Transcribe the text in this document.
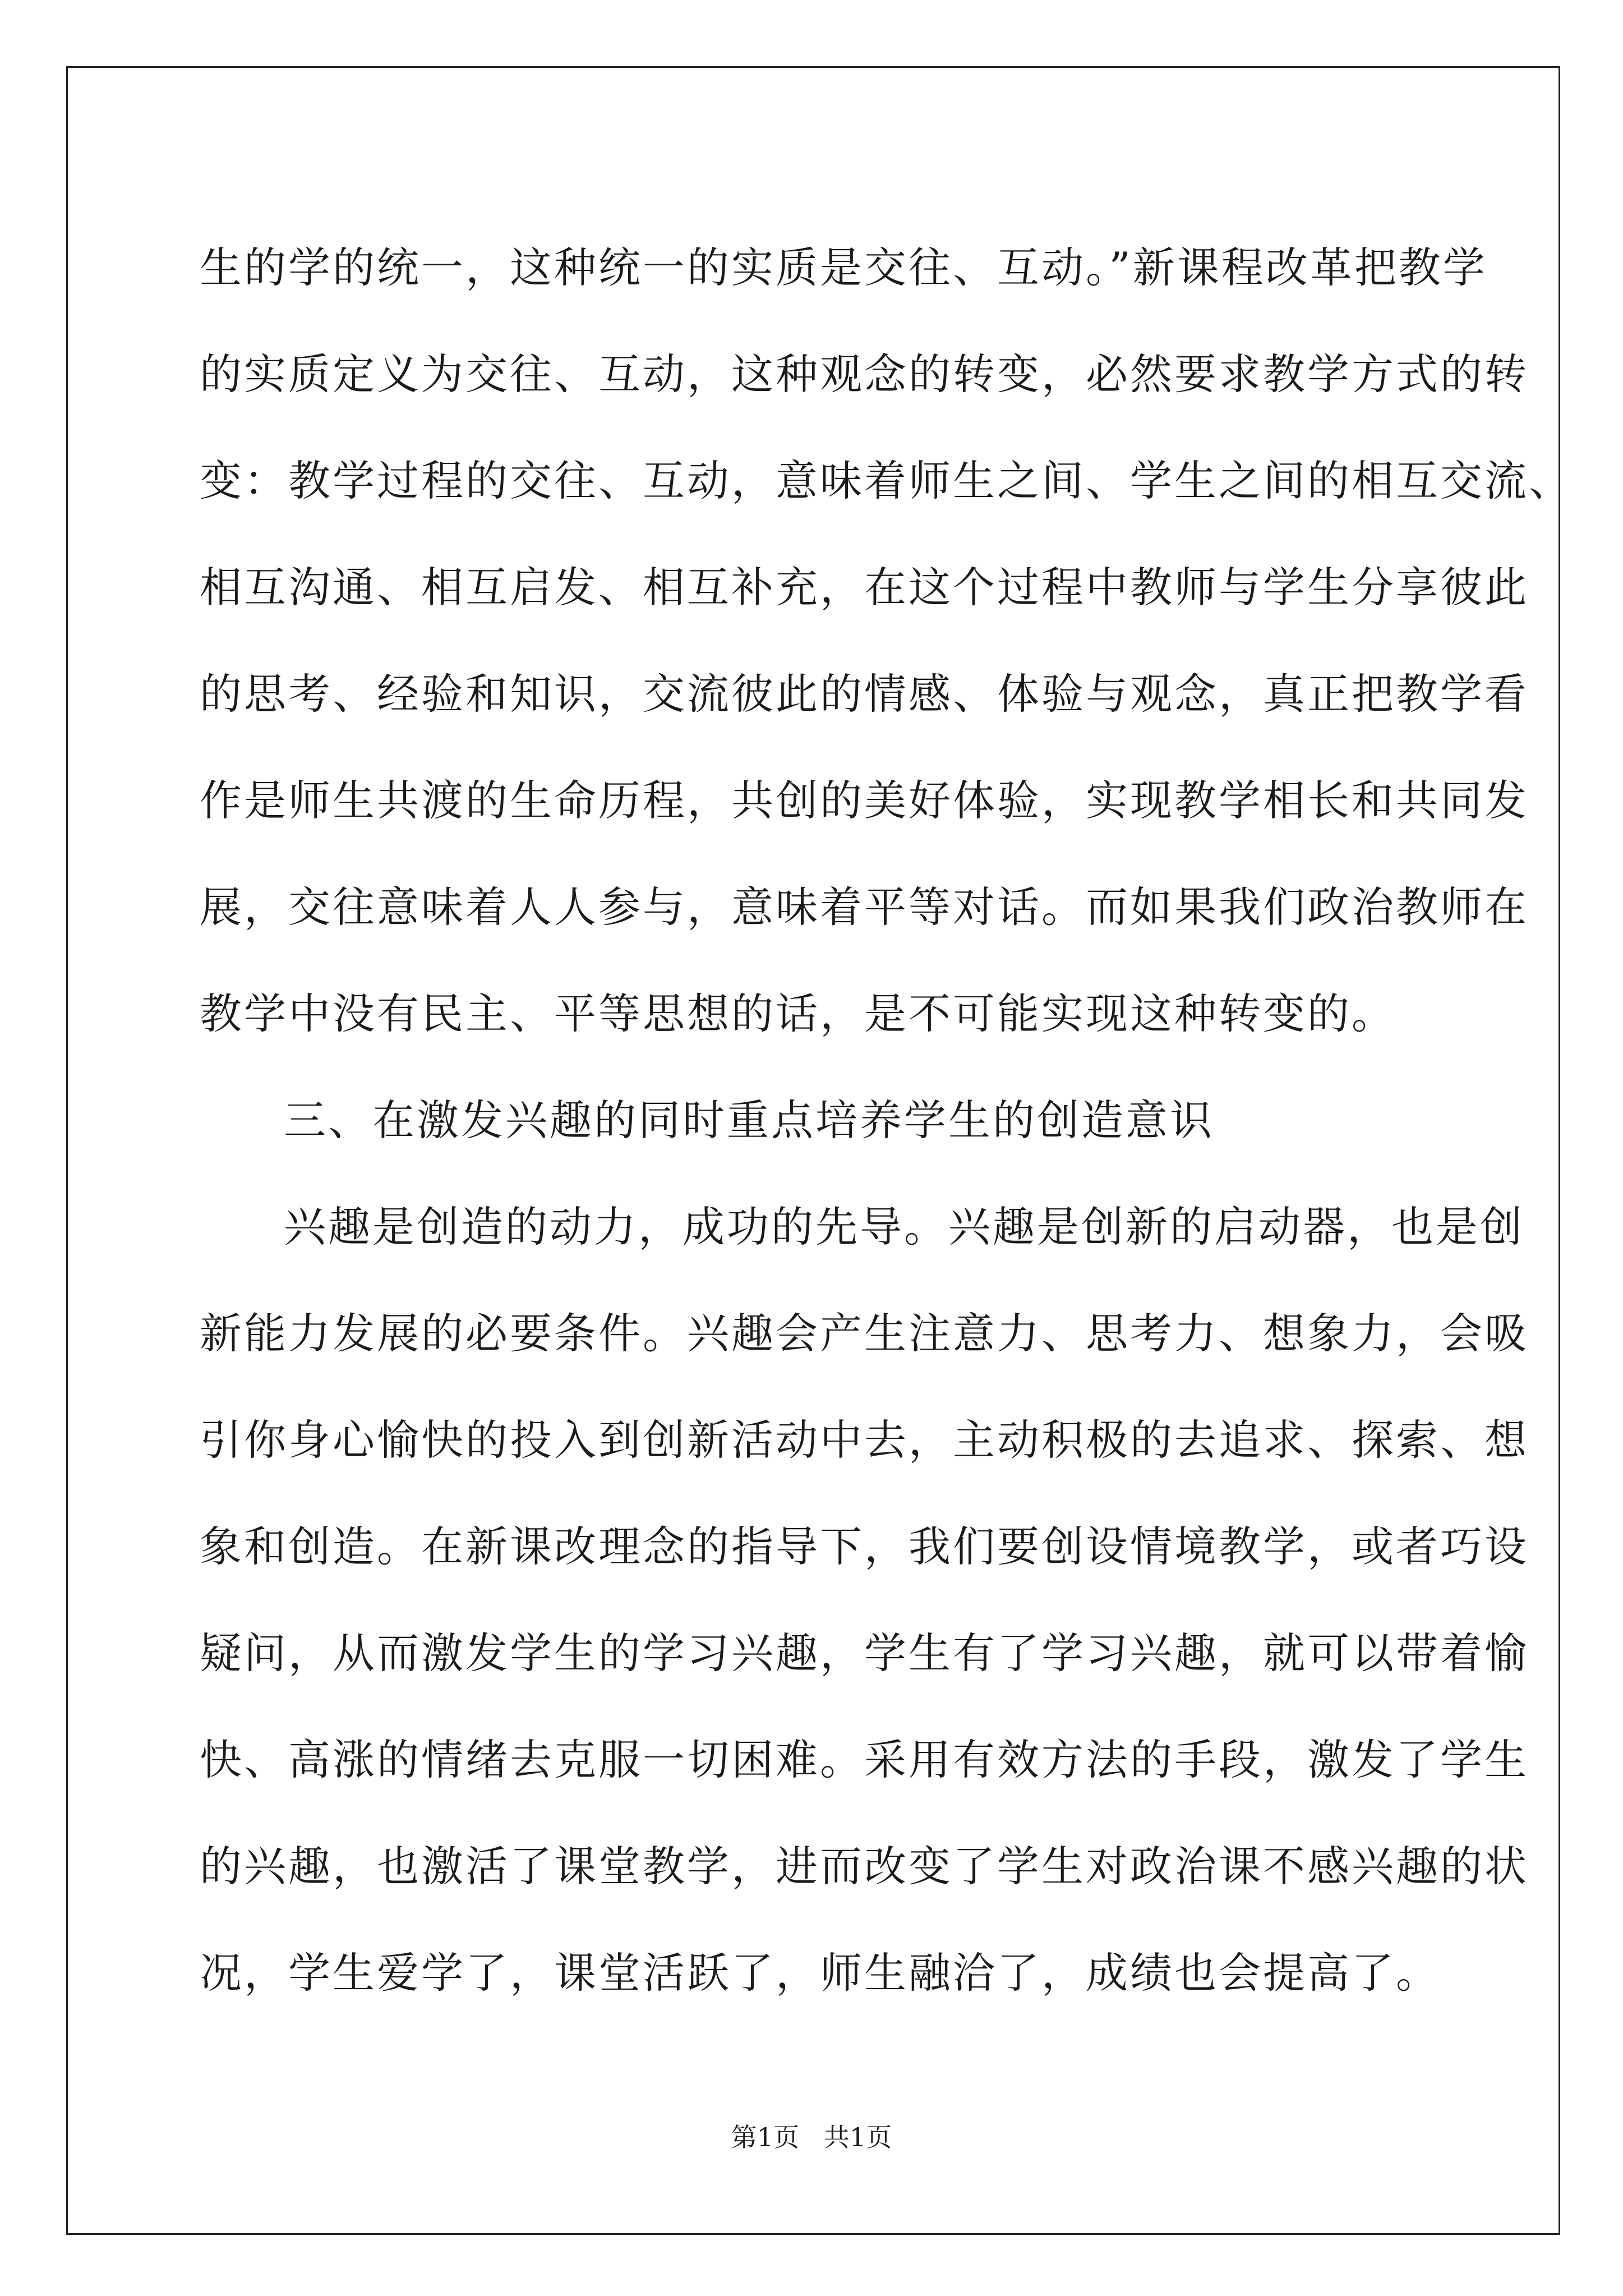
生的学的统一，这种统一的实质是交往、互动。”新课程改革把教学
的实质定义为交往、互动，这种观念的转变，必然要求教学方式的转
变：教学过程的交往、互动，意味着师生之间、学生之间的相互交流、
相互沟通、相互启发、相互补充，在这个过程中教师与学生分享彼此
的思考、经验和知识，交流彼此的情感、体验与观念，真正把教学看
作是师生共渡的生命历程，共创的美好体验，实现教学相长和共同发
展，交往意味着人人参与，意味着平等对话。而如果我们政治教师在
教学中没有民主、平等思想的话，是不可能实现这种转变的。
三、在激发兴趣的同时重点培养学生的创造意识
兴趣是创造的动力，成功的先导。兴趣是创新的启动器，也是创
新能力发展的必要条件。兴趣会产生注意力、思考力、想象力，会吸
引你身心愉快的投入到创新活动中去，主动积极的去追求、探索、想
象和创造。在新课改理念的指导下，我们要创设情境教学，或者巧设
疑问，从而激发学生的学习兴趣，学生有了学习兴趣，就可以带着愉
快、高涨的情绪去克服一切困难。采用有效方法的手段，激发了学生
的兴趣，也激活了课堂教学，进而改变了学生对政治课不感兴趣的状
况，学生爱学了，课堂活跃了，师生融洽了，成绩也会提高了。
第1页   共1页
